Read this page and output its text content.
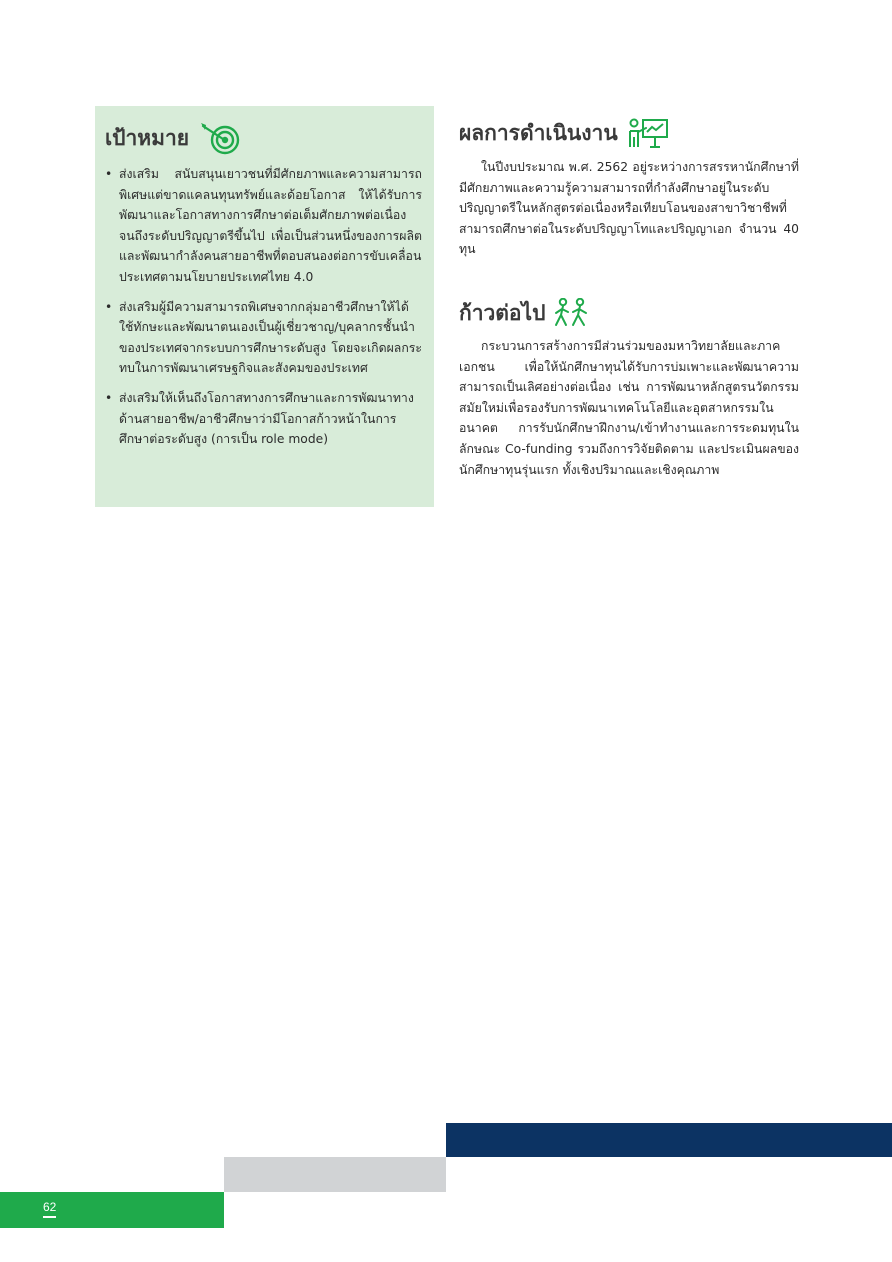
เป้าหมาย
• ส่งเสริม สนับสนุนเยาวชนที่มีศักยภาพและความสามารถพิเศษแต่ขาดแคลนทุนทรัพย์และด้อยโอกาส ให้ได้รับการพัฒนาและโอกาสทางการศึกษาต่อเต็มศักยภาพต่อเนื่องจนถึงระดับปริญญาตรีขึ้นไป เพื่อเป็นส่วนหนึ่งของการผลิตและพัฒนากำลังคนสายอาชีพที่ตอบสนองต่อการขับเคลื่อนประเทศตามนโยบายประเทศไทย 4.0
• ส่งเสริมผู้มีความสามารถพิเศษจากกลุ่มอาชีวศึกษาให้ได้ใช้ทักษะและพัฒนาตนเองเป็นผู้เชี่ยวชาญ/บุคลากรชั้นนำของประเทศจากระบบการศึกษาระดับสูง โดยจะเกิดผลกระทบในการพัฒนาเศรษฐกิจและสังคมของประเทศ
• ส่งเสริมให้เห็นถึงโอกาสทางการศึกษาและการพัฒนาทางด้านสายอาชีพ/อาชีวศึกษาว่ามีโอกาสก้าวหน้าในการศึกษาต่อระดับสูง (การเป็น role mode)
ผลการดำเนินงาน

ในปีงบประมาณ พ.ศ. 2562 อยู่ระหว่างการสรรหานักศึกษาที่มีศักยภาพและความรู้ความสามารถที่กำลังศึกษาอยู่ในระดับปริญญาตรีในหลักสูตรต่อเนื่องหรือเทียบโอนของสาขาวิชาชีพที่สามารถศึกษาต่อในระดับปริญญาโทและปริญญาเอก จำนวน 40 ทุน

ก้าวต่อไป

กระบวนการสร้างการมีส่วนร่วมของมหาวิทยาลัยและภาคเอกชน เพื่อให้นักศึกษาทุนได้รับการบ่มเพาะและพัฒนาความสามารถเป็นเลิศอย่างต่อเนื่อง เช่น การพัฒนาหลักสูตรนวัตกรรมสมัยใหม่เพื่อรองรับการพัฒนาเทคโนโลยีและอุตสาหกรรมในอนาคต การรับนักศึกษาฝึกงาน/เข้าทำงานและการระดมทุนในลักษณะ Co-funding รวมถึงการวิจัยติดตาม และประเมินผลของนักศึกษาทุนรุ่นแรก ทั้งเชิงปริมาณและเชิงคุณภาพ

62
